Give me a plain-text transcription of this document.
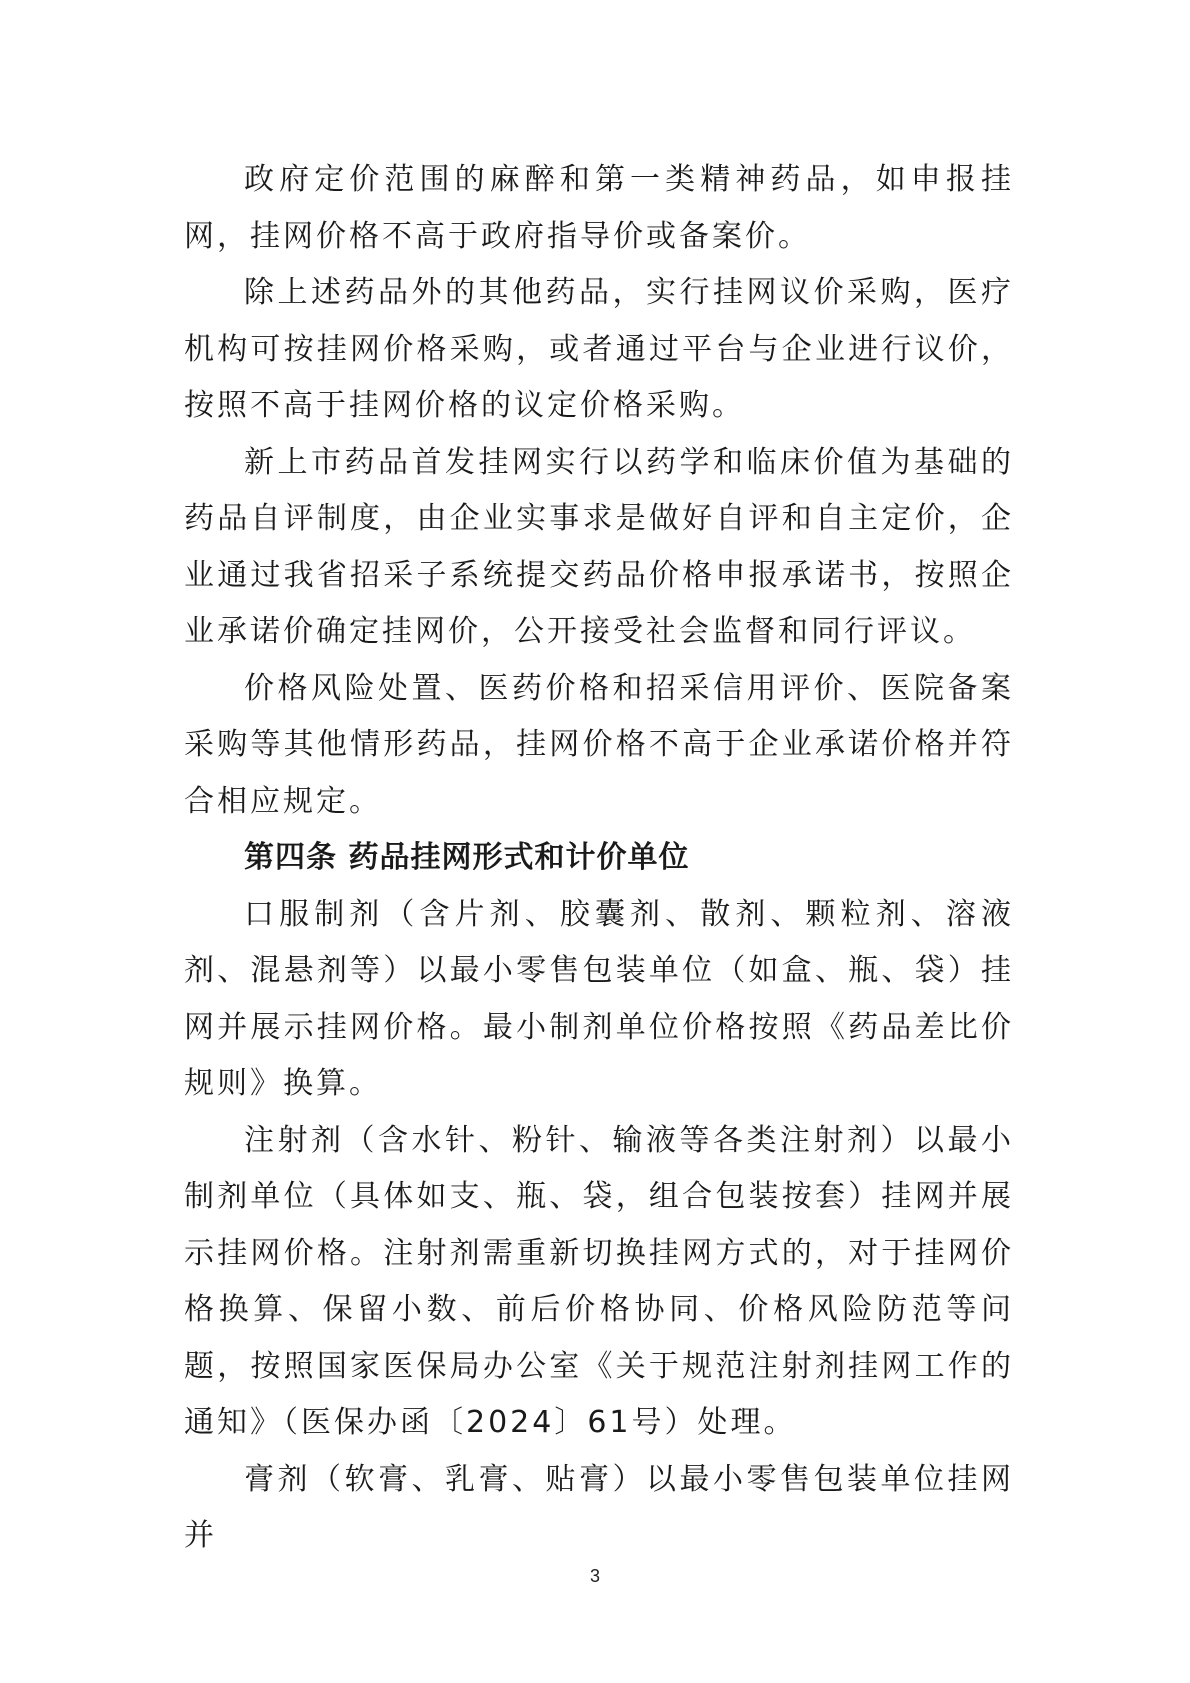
政府定价范围的麻醉和第一类精神药品，如申报挂网，挂网价格不高于政府指导价或备案价。

除上述药品外的其他药品，实行挂网议价采购，医疗机构可按挂网价格采购，或者通过平台与企业进行议价，按照不高于挂网价格的议定价格采购。

新上市药品首发挂网实行以药学和临床价值为基础的药品自评制度，由企业实事求是做好自评和自主定价，企业通过我省招采子系统提交药品价格申报承诺书，按照企业承诺价确定挂网价，公开接受社会监督和同行评议。

价格风险处置、医药价格和招采信用评价、医院备案采购等其他情形药品，挂网价格不高于企业承诺价格并符合相应规定。

第四条 药品挂网形式和计价单位

口服制剂（含片剂、胶囊剂、散剂、颗粒剂、溶液剂、混悬剂等）以最小零售包装单位（如盒、瓶、袋）挂网并展示挂网价格。最小制剂单位价格按照《药品差比价规则》换算。

注射剂（含水针、粉针、输液等各类注射剂）以最小制剂单位（具体如支、瓶、袋，组合包装按套）挂网并展示挂网价格。注射剂需重新切换挂网方式的，对于挂网价格换算、保留小数、前后价格协同、价格风险防范等问题，按照国家医保局办公室《关于规范注射剂挂网工作的通知》（医保办函〔2024〕61号）处理。

膏剂（软膏、乳膏、贴膏）以最小零售包装单位挂网并

3
